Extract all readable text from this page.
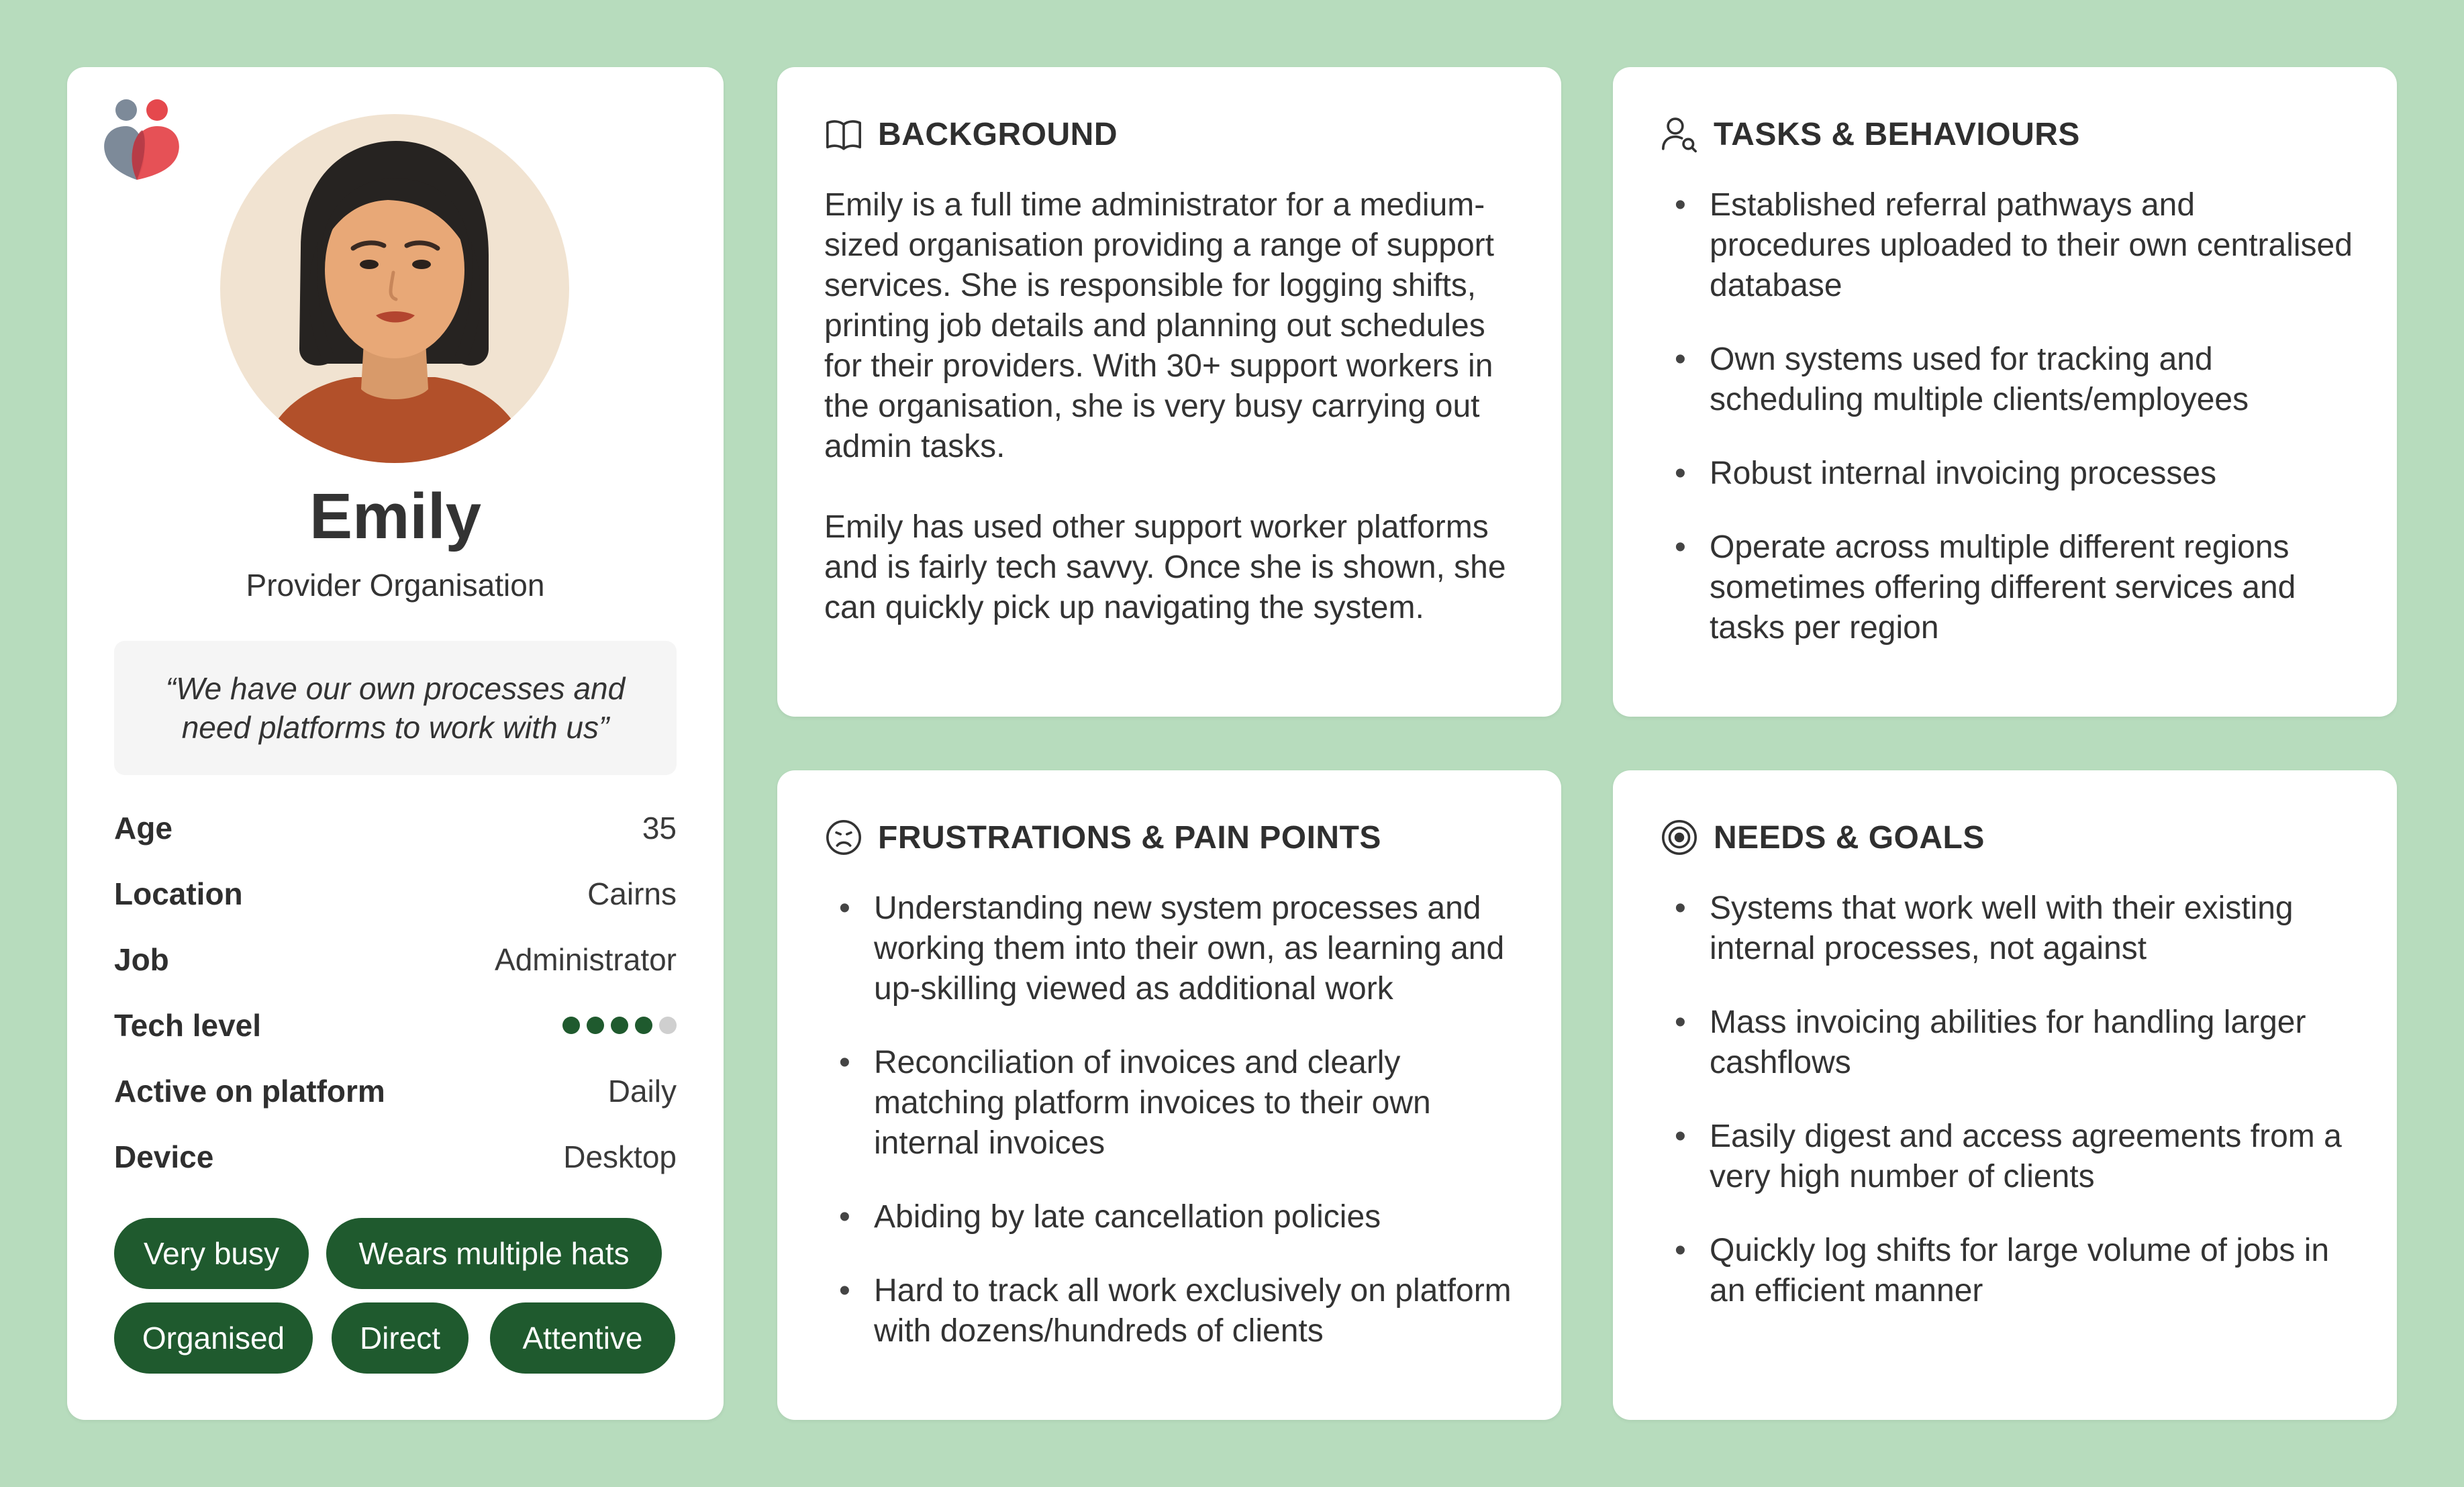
Emily
Provider Organisation
“We have our own processes and need platforms to work with us”
Age	35
Location	Cairns
Job	Administrator
Tech level
Active on platform	Daily
Device	Desktop
Very busy	Wears multiple hats
Organised	Direct	Attentive
BACKGROUND

Emily is a full time administrator for a medium-sized organisation providing a range of support services. She is responsible for logging shifts, printing job details and planning out schedules for their providers. With 30+ support workers in the organisation, she is very busy carrying out admin tasks.

Emily has used other support worker platforms and is fairly tech savvy. Once she is shown, she can quickly pick up navigating the system.

TASKS & BEHAVIOURS
• Established referral pathways and procedures uploaded to their own centralised database
• Own systems used for tracking and scheduling multiple clients/employees
• Robust internal invoicing processes
• Operate across multiple different regions sometimes offering different services and tasks per region
FRUSTRATIONS & PAIN POINTS
• Understanding new system processes and working them into their own, as learning and up-skilling viewed as additional work
• Reconciliation of invoices and clearly matching platform invoices to their own internal invoices
• Abiding by late cancellation policies
• Hard to track all work exclusively on platform with dozens/hundreds of clients
NEEDS & GOALS
• Systems that work well with their existing internal processes, not against
• Mass invoicing abilities for handling larger cashflows
• Easily digest and access agreements from a very high number of clients
• Quickly log shifts for large volume of jobs in an efficient manner
